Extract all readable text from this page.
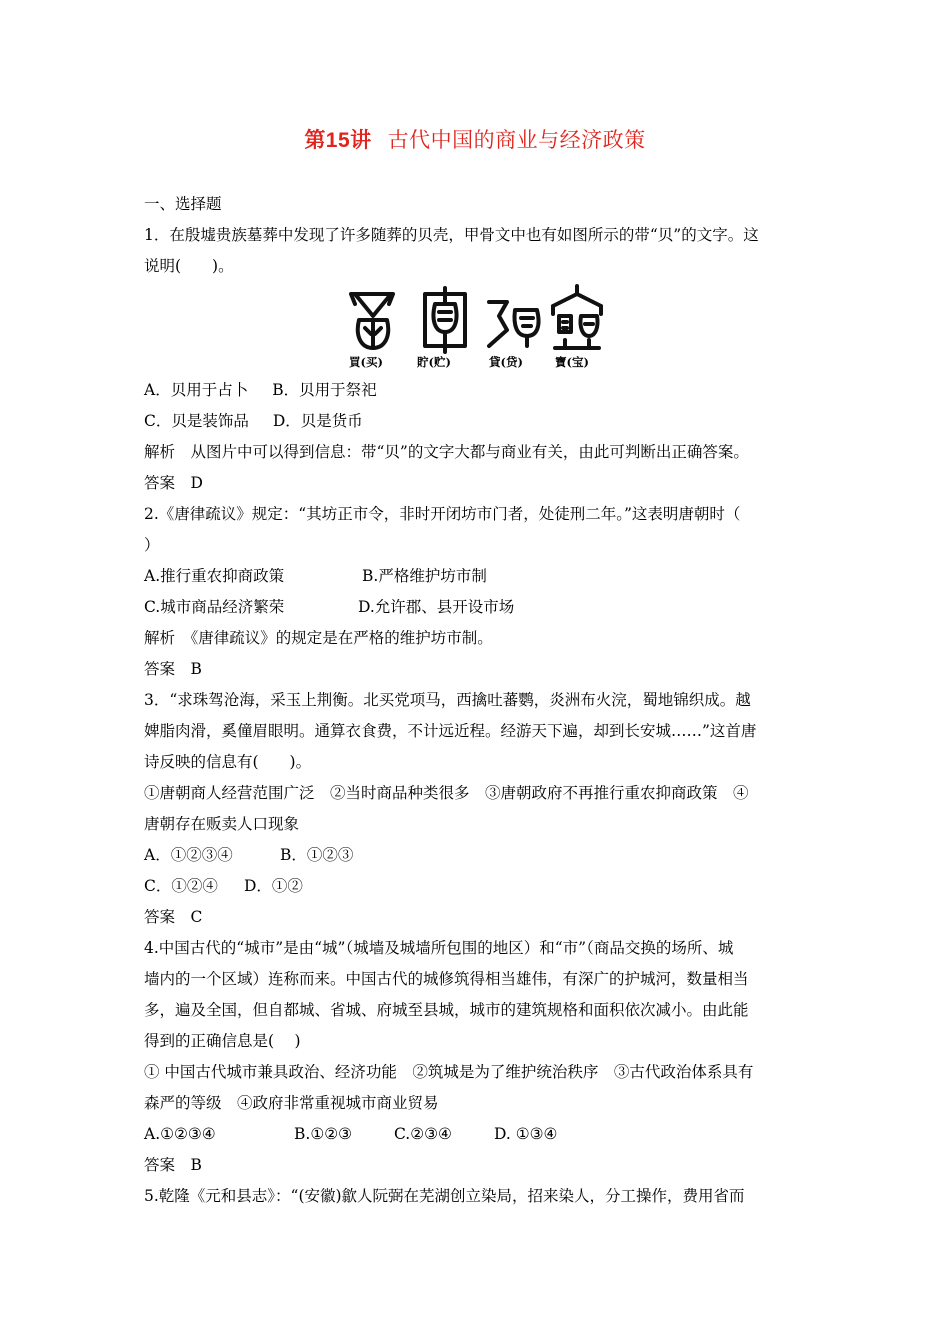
第15讲 古代中国的商业与经济政策
一、选择题
1．在殷墟贵族墓葬中发现了许多随葬的贝壳，甲骨文中也有如图所示的带“贝”的文字。这
说明(　　)。
A．贝用于占卜 B．贝用于祭祀
C．贝是装饰品 D．贝是货币
解析　从图片中可以得到信息：带“贝”的文字大都与商业有关，由此可判断出正确答案。
答案　D
2.《唐律疏议》规定：“其坊正市令，非时开闭坊市门者，处徒刑二年。”这表明唐朝时（
）
A.推行重农抑商政策	B.严格维护坊市制
C.城市商品经济繁荣	D.允许郡、县开设市场
解析　《唐律疏议》的规定是在严格的维护坊市制。
答案　B
3．“求珠驾沧海，采玉上荆衡。北买党项马，西擒吐蕃鹦，炎洲布火浣，蜀地锦织成。越
婢脂肉滑，奚僮眉眼明。通算衣食费，不计远近程。经游天下遍，却到长安城……”这首唐
诗反映的信息有(　　)。
①唐朝商人经营范围广泛　②当时商品种类很多　③唐朝政府不再推行重农抑商政策　④
唐朝存在贩卖人口现象
A．①②③④	B．①②③
C．①②④ D．①②
答案　C
4.中国古代的“城市”是由“城”（城墙及城墙所包围的地区）和“市”（商品交换的场所、城
墙内的一个区域）连称而来。中国古代的城修筑得相当雄伟，有深广的护城河，数量相当
多，遍及全国，但自都城、省城、府城至县城，城市的建筑规格和面积依次减小。由此能
得到的正确信息是(　 )
① 中国古代城市兼具政治、经济功能　②筑城是为了维护统治秩序　③古代政治体系具有
森严的等级　④政府非常重视城市商业贸易
A.①②③④	B.①②③	C.②③④	D. ①③④
答案　B
5.乾隆《元和县志》：“(安徽)歙人阮弼在芜湖创立染局，招来染人，分工操作，费用省而
買(买)	貯(贮)	貸(贷)	寶(宝)
